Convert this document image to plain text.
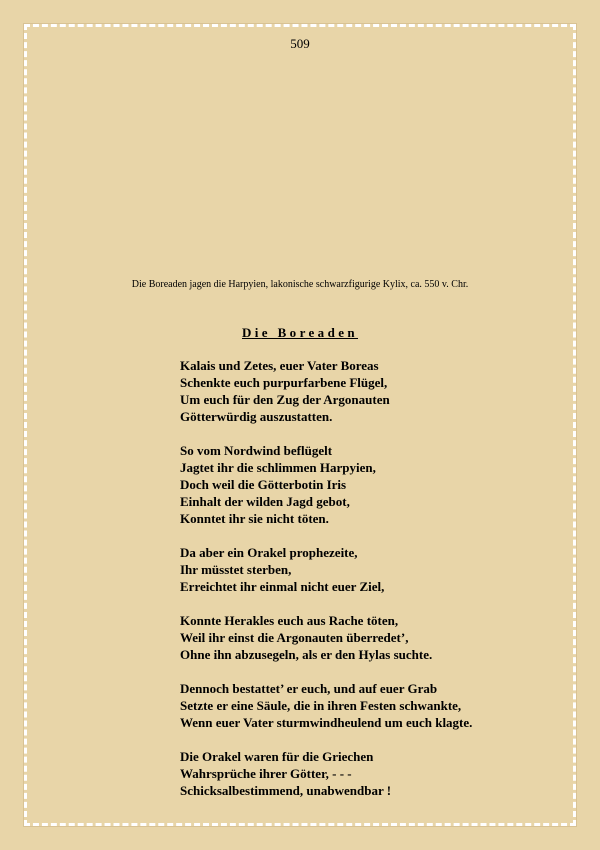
509
Die Boreaden jagen die Harpyien, lakonische schwarzfigurige Kylix, ca. 550 v. Chr.
Die Boreaden
Kalais und Zetes, euer Vater Boreas
Schenkte euch purpurfarbene Flügel,
Um euch für den Zug der Argonauten
Götterwürdig auszustatten.
So vom Nordwind beflügelt
Jagtet ihr die schlimmen Harpyien,
Doch weil die Götterbotin Iris
Einhalt der wilden Jagd gebot,
Konntet ihr sie nicht töten.
Da aber ein Orakel prophezeite,
Ihr müsstet sterben,
Erreichtet ihr einmal nicht euer Ziel,
Konnte Herakles euch aus Rache töten,
Weil ihr einst die Argonauten überredet’,
Ohne ihn abzusegeln, als er den Hylas suchte.
Dennoch bestattet’ er euch, und auf euer Grab
Setzte er eine Säule, die in ihren Festen schwankte,
Wenn euer Vater sturmwindheulend um euch klagte.
Die Orakel waren für die Griechen
Wahrsprüche ihrer Götter, - - -
Schicksalbestimmend, unabwendbar !
